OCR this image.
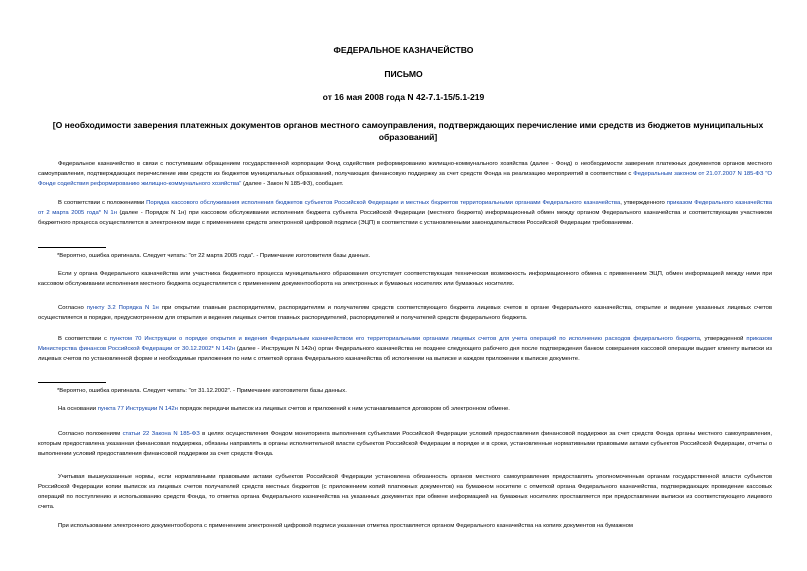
ФЕДЕРАЛЬНОЕ КАЗНАЧЕЙСТВО
ПИСЬМО
от 16 мая 2008 года N 42-7.1-15/5.1-219
[О необходимости заверения платежных документов органов местного самоуправления, подтверждающих перечисление ими средств из бюджетов муниципальных образований]

Федеральное казначейство в связи с поступившим обращением государственной корпорации Фонд содействия реформированию жилищно-коммунального хозяйства (далее - Фонд) о необходимости заверения платежных документов органов местного самоуправления, подтверждающих перечисление ими средств из бюджетов муниципальных образований, получающих финансовую поддержку за счет средств Фонда на реализацию мероприятий в соответствии с Федеральным законом от 21.07.2007 N 185-ФЗ "О Фонде содействия реформированию жилищно-коммунального хозяйства" (далее - Закон N 185-ФЗ), сообщает.

В соответствии с положениями Порядка кассового обслуживания исполнения бюджетов субъектов Российской Федерации и местных бюджетов территориальными органами Федерального казначейства, утвержденного приказом Федерального казначейства от 2 марта 2005 года* N 1н (далее - Порядок N 1н) при кассовом обслуживании исполнения бюджета субъекта Российской Федерации (местного бюджета) информационный обмен между органом Федерального казначейства и соответствующим участником бюджетного процесса осуществляется в электронном виде с применением средств электронной цифровой подписи (ЭЦП) в соответствии с установленными законодательством Российской Федерации требованиями.

*Вероятно, ошибка оригинала. Следует читать: "от 22 марта 2005 года". - Примечание изготовителя базы данных.

Если у органа Федерального казначейства или участника бюджетного процесса муниципального образования отсутствует соответствующая техническая возможность информационного обмена с применением ЭЦП, обмен информацией между ними при кассовом обслуживании исполнения местного бюджета осуществляется с применением документооборота на электронных и бумажных носителях или бумажных носителях.

Согласно пункту 3.2 Порядка N 1н при открытии главным распорядителям, распорядителям и получателям средств соответствующего бюджета лицевых счетов в органе Федерального казначейства, открытие и ведение указанных лицевых счетов осуществляется в порядке, предусмотренном для открытия и ведения лицевых счетов главных распорядителей, распорядителей и получателей средств федерального бюджета.

В соответствии с пунктом 70 Инструкции о порядке открытия и ведения Федеральным казначейством его территориальными органами лицевых счетов для учета операций по исполнению расходов федерального бюджета, утвержденной приказом Министерства финансов Российской Федерации от 30.12.2002* N 142н (далее - Инструкция N 142н) орган Федерального казначейства не позднее следующего рабочего дня после подтверждения банком совершения кассовой операции выдает клиенту выписки из лицевых счетов по установленной форме и необходимые приложения по ним с отметкой органа Федерального казначейства об исполнении на выписке и каждом приложении к выписке документе.

*Вероятно, ошибка оригинала. Следует читать: "от 31.12.2002". - Примечание изготовителя базы данных.

На основании пункта 77 Инструкции N 142н порядок передачи выписок из лицевых счетов и приложений к ним устанавливается договором об электронном обмене.

Согласно положениям статьи 22 Закона N 185-ФЗ в целях осуществления Фондом мониторинга выполнения субъектами Российской Федерации условий предоставления финансовой поддержки за счет средств Фонда органы местного самоуправления, которым предоставлена указанная финансовая поддержка, обязаны направлять в органы исполнительной власти субъектов Российской Федерации в порядке и в сроки, установленные нормативными правовыми актами субъектов Российской Федерации, отчеты о выполнении условий предоставления финансовой поддержки за счет средств Фонда.

Учитывая вышеуказанные нормы, если нормативными правовыми актами субъектов Российской Федерации установлена обязанность органов местного самоуправления предоставлять уполномоченным органам государственной власти субъектов Российской Федерации копии выписок из лицевых счетов получателей средств местных бюджетов (с приложением копий платежных документов) на бумажном носителе с отметкой органа Федерального казначейства, подтверждающих проведение кассовых операций по поступлению и использованию средств Фонда, то отметка органа Федерального казначейства на указанных документах при обмене информацией на бумажных носителях проставляется при предоставлении выписки из соответствующего лицевого счета.

При использовании электронного документооборота с применением электронной цифровой подписи указанная отметка проставляется органом Федерального казначейства на копиях документов на бумажном
